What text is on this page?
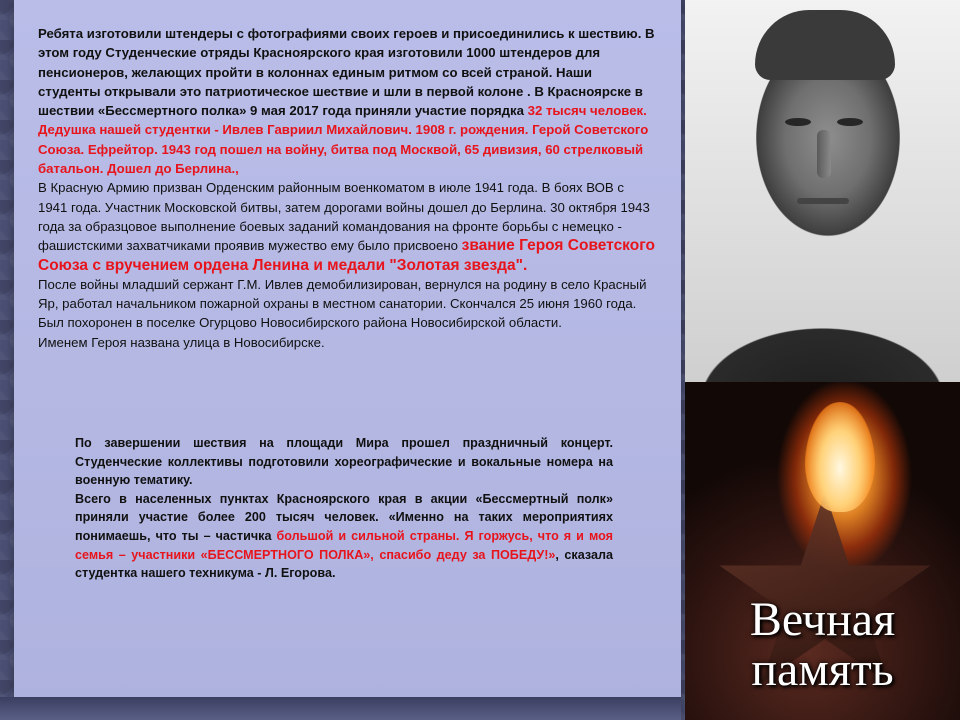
Ребята изготовили штендеры с фотографиями своих героев и присоединились к шествию. В этом году Студенческие отряды Красноярского края изготовили 1000 штендеров для пенсионеров, желающих пройти в колоннах единым ритмом со всей страной. Наши студенты открывали это патриотическое шествие и шли в первой колоне . В Красноярске в шествии «Бессмертного полка» 9 мая 2017 года приняли участие порядка 32 тысяч человек.

Дедушка нашей студентки - Ивлев Гавриил Михайлович. 1908 г. рождения. Герой Советского Союза. Ефрейтор. 1943 год пошел на войну, битва под Москвой, 65 дивизия, 60 стрелковый батальон. Дошел до Берлина.,

В Красную Армию призван Орденским районным военкоматом в июле 1941 года. В боях ВОВ с 1941 года. Участник Московской битвы, затем дорогами войны дошел до Берлина. 30 октября 1943 года за образцовое выполнение боевых заданий командования на фронте борьбы с немецко - фашистскими захватчиками проявив мужество ему было присвоено звание Героя Советского Союза с вручением ордена Ленина и медали "Золотая звезда".

После войны младший сержант Г.М. Ивлев демобилизирован, вернулся на родину в село Красный Яр, работал начальником пожарной охраны в местном санатории. Скончался 25 июня 1960 года. Был похоронен в поселке Огурцово Новосибирского района Новосибирской области.

Именем Героя названа улица в Новосибирске.

По завершении шествия на площади Мира прошел праздничный концерт. Студенческие коллективы подготовили хореографические и вокальные номера на военную тематику.

Всего в населенных пунктах Красноярского края в акции «Бессмертный полк» приняли участие более 200 тысяч человек. «Именно на таких мероприятиях понимаешь, что ты – частичка большой и сильной страны. Я горжусь, что я и моя семья – участники «БЕССМЕРТНОГО ПОЛКА», спасибо деду за ПОБЕДУ!», сказала студентка нашего техникума - Л. Егорова.

Вечная
память
